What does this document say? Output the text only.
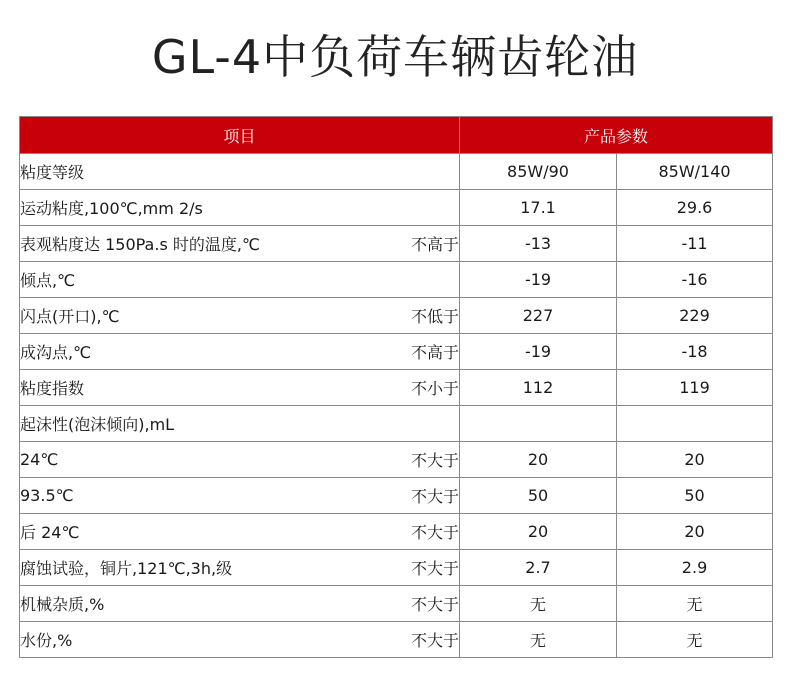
GL-4中负荷车辆齿轮油
项目		产品参数	
粘度等级		85W/90	85W/140
运动粘度,100℃,mm 2/s		17.1	29.6
表观粘度达 150Pa.s 时的温度,℃	不高于	-13	-11
倾点,℃		-19	-16
闪点(开口),℃	不低于	227	229
成沟点,℃	不高于	-19	-18
粘度指数	不小于	112	119
起沫性(泡沫倾向),mL			
24℃	不大于	20	20
93.5℃	不大于	50	50
后 24℃	不大于	20	20
腐蚀试验，铜片,121℃,3h,级	不大于	2.7	2.9
机械杂质,%	不大于	无	无
水份,%	不大于	无	无
